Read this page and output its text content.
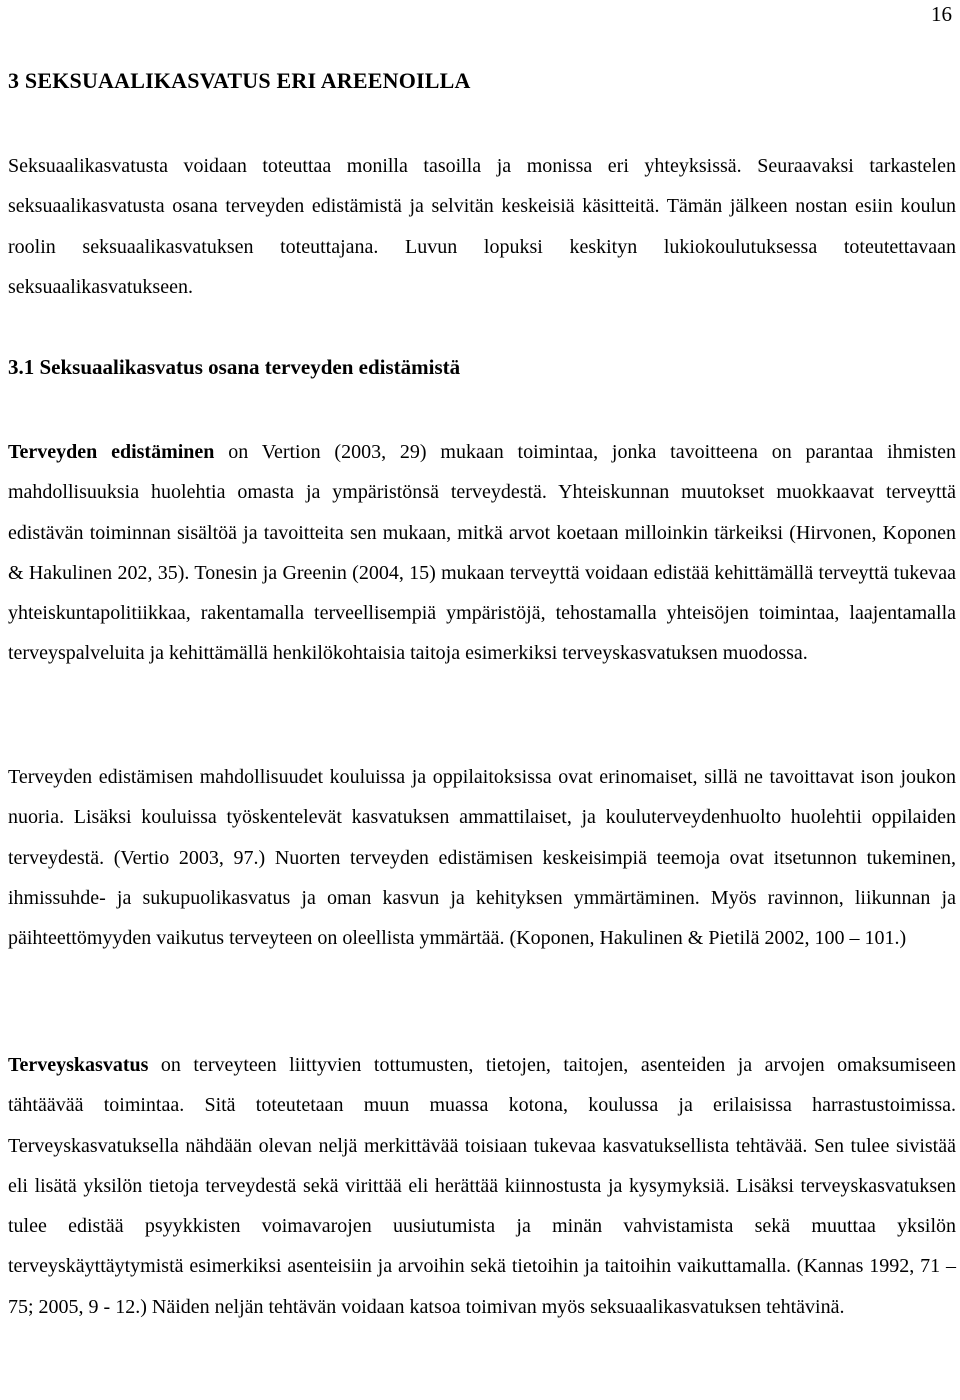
16
3 SEKSUAALIKASVATUS ERI AREENOILLA

Seksuaalikasvatusta voidaan toteuttaa monilla tasoilla ja monissa eri yhteyksissä. Seuraavaksi tarkastelen seksuaalikasvatusta osana terveyden edistämistä ja selvitän keskeisiä käsitteitä. Tämän jälkeen nostan esiin koulun roolin seksuaalikasvatuksen toteuttajana. Luvun lopuksi keskityn lukiokoulutuksessa toteutettavaan seksuaalikasvatukseen.

3.1 Seksuaalikasvatus osana terveyden edistämistä

Terveyden edistäminen on Vertion (2003, 29) mukaan toimintaa, jonka tavoitteena on parantaa ihmisten mahdollisuuksia huolehtia omasta ja ympäristönsä terveydestä. Yhteiskunnan muutokset muokkaavat terveyttä edistävän toiminnan sisältöä ja tavoitteita sen mukaan, mitkä arvot koetaan milloinkin tärkeiksi (Hirvonen, Koponen & Hakulinen 202, 35). Tonesin ja Greenin (2004, 15) mukaan terveyttä voidaan edistää kehittämällä terveyttä tukevaa yhteiskuntapolitiikkaa, rakentamalla terveellisempiä ympäristöjä, tehostamalla yhteisöjen toimintaa, laajentamalla terveyspalveluita ja kehittämällä henkilökohtaisia taitoja esimerkiksi terveyskasvatuksen muodossa.

Terveyden edistämisen mahdollisuudet kouluissa ja oppilaitoksissa ovat erinomaiset, sillä ne tavoittavat ison joukon nuoria. Lisäksi kouluissa työskentelevät kasvatuksen ammattilaiset, ja kouluterveydenhuolto huolehtii oppilaiden terveydestä. (Vertio 2003, 97.) Nuorten terveyden edistämisen keskeisimpiä teemoja ovat itsetunnon tukeminen, ihmissuhde- ja sukupuolikasvatus ja oman kasvun ja kehityksen ymmärtäminen. Myös ravinnon, liikunnan ja päihteettömyyden vaikutus terveyteen on oleellista ymmärtää. (Koponen, Hakulinen & Pietilä 2002, 100 – 101.)

Terveyskasvatus on terveyteen liittyvien tottumusten, tietojen, taitojen, asenteiden ja arvojen omaksumiseen tähtäävää toimintaa. Sitä toteutetaan muun muassa kotona, koulussa ja erilaisissa harrastustoimissa. Terveyskasvatuksella nähdään olevan neljä merkittävää toisiaan tukevaa kasvatuksellista tehtävää. Sen tulee sivistää eli lisätä yksilön tietoja terveydestä sekä virittää eli herättää kiinnostusta ja kysymyksiä. Lisäksi terveyskasvatuksen tulee edistää psyykkisten voimavarojen uusiutumista ja minän vahvistamista sekä muuttaa yksilön terveyskäyttäytymistä esimerkiksi asenteisiin ja arvoihin sekä tietoihin ja taitoihin vaikuttamalla. (Kannas 1992, 71 – 75; 2005, 9 - 12.) Näiden neljän tehtävän voidaan katsoa toimivan myös seksuaalikasvatuksen tehtävinä.
